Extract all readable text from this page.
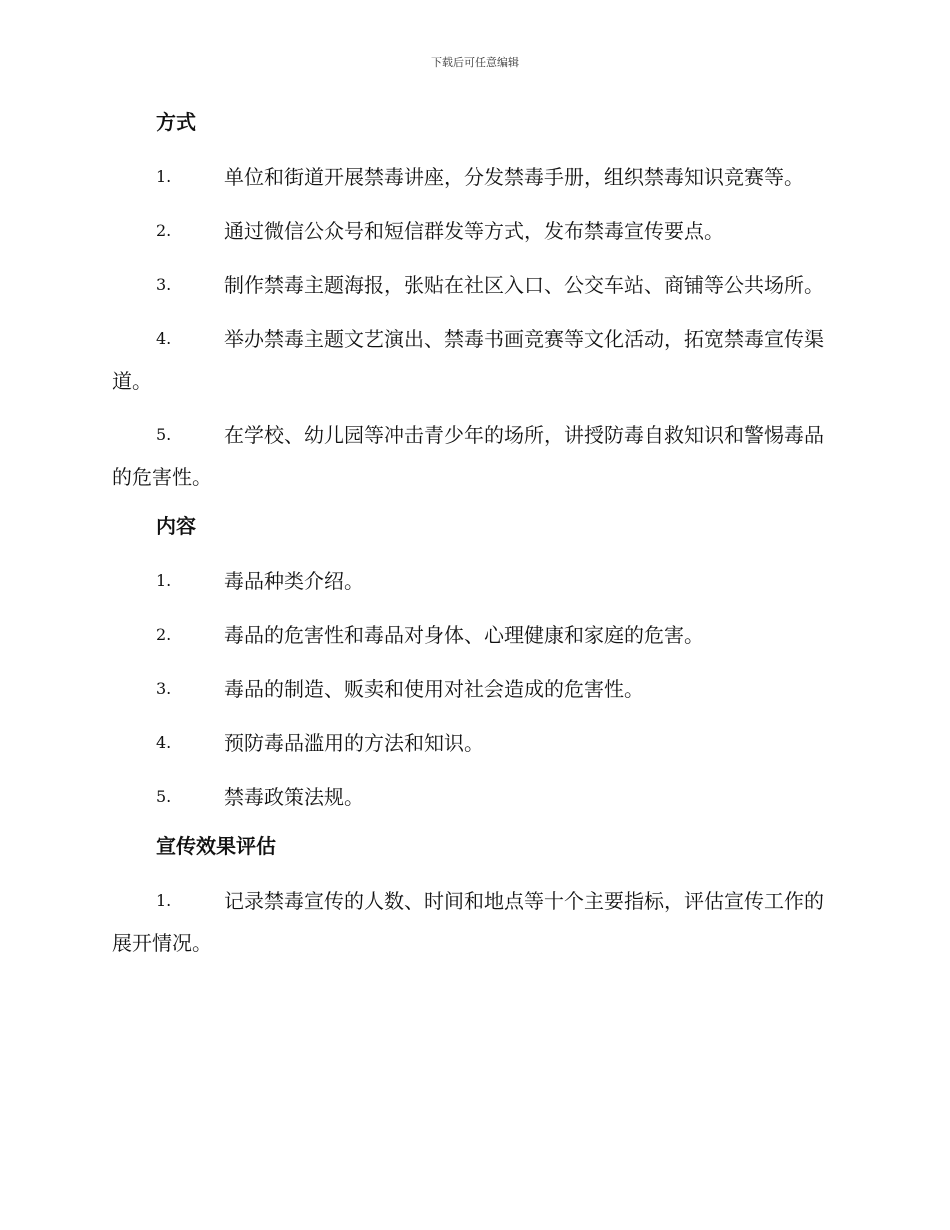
下载后可任意编辑
方式
1.	单位和街道开展禁毒讲座，分发禁毒手册，组织禁毒知识竞赛等。
2.	通过微信公众号和短信群发等方式，发布禁毒宣传要点。
3.	制作禁毒主题海报，张贴在社区入口、公交车站、商铺等公共场所。
4.	举办禁毒主题文艺演出、禁毒书画竞赛等文化活动，拓宽禁毒宣传渠道。
5.	在学校、幼儿园等冲击青少年的场所，讲授防毒自救知识和警惕毒品的危害性。
内容
1.	毒品种类介绍。
2.	毒品的危害性和毒品对身体、心理健康和家庭的危害。
3.	毒品的制造、贩卖和使用对社会造成的危害性。
4.	预防毒品滥用的方法和知识。
5.	禁毒政策法规。
宣传效果评估
1.	记录禁毒宣传的人数、时间和地点等十个主要指标，评估宣传工作的展开情况。
